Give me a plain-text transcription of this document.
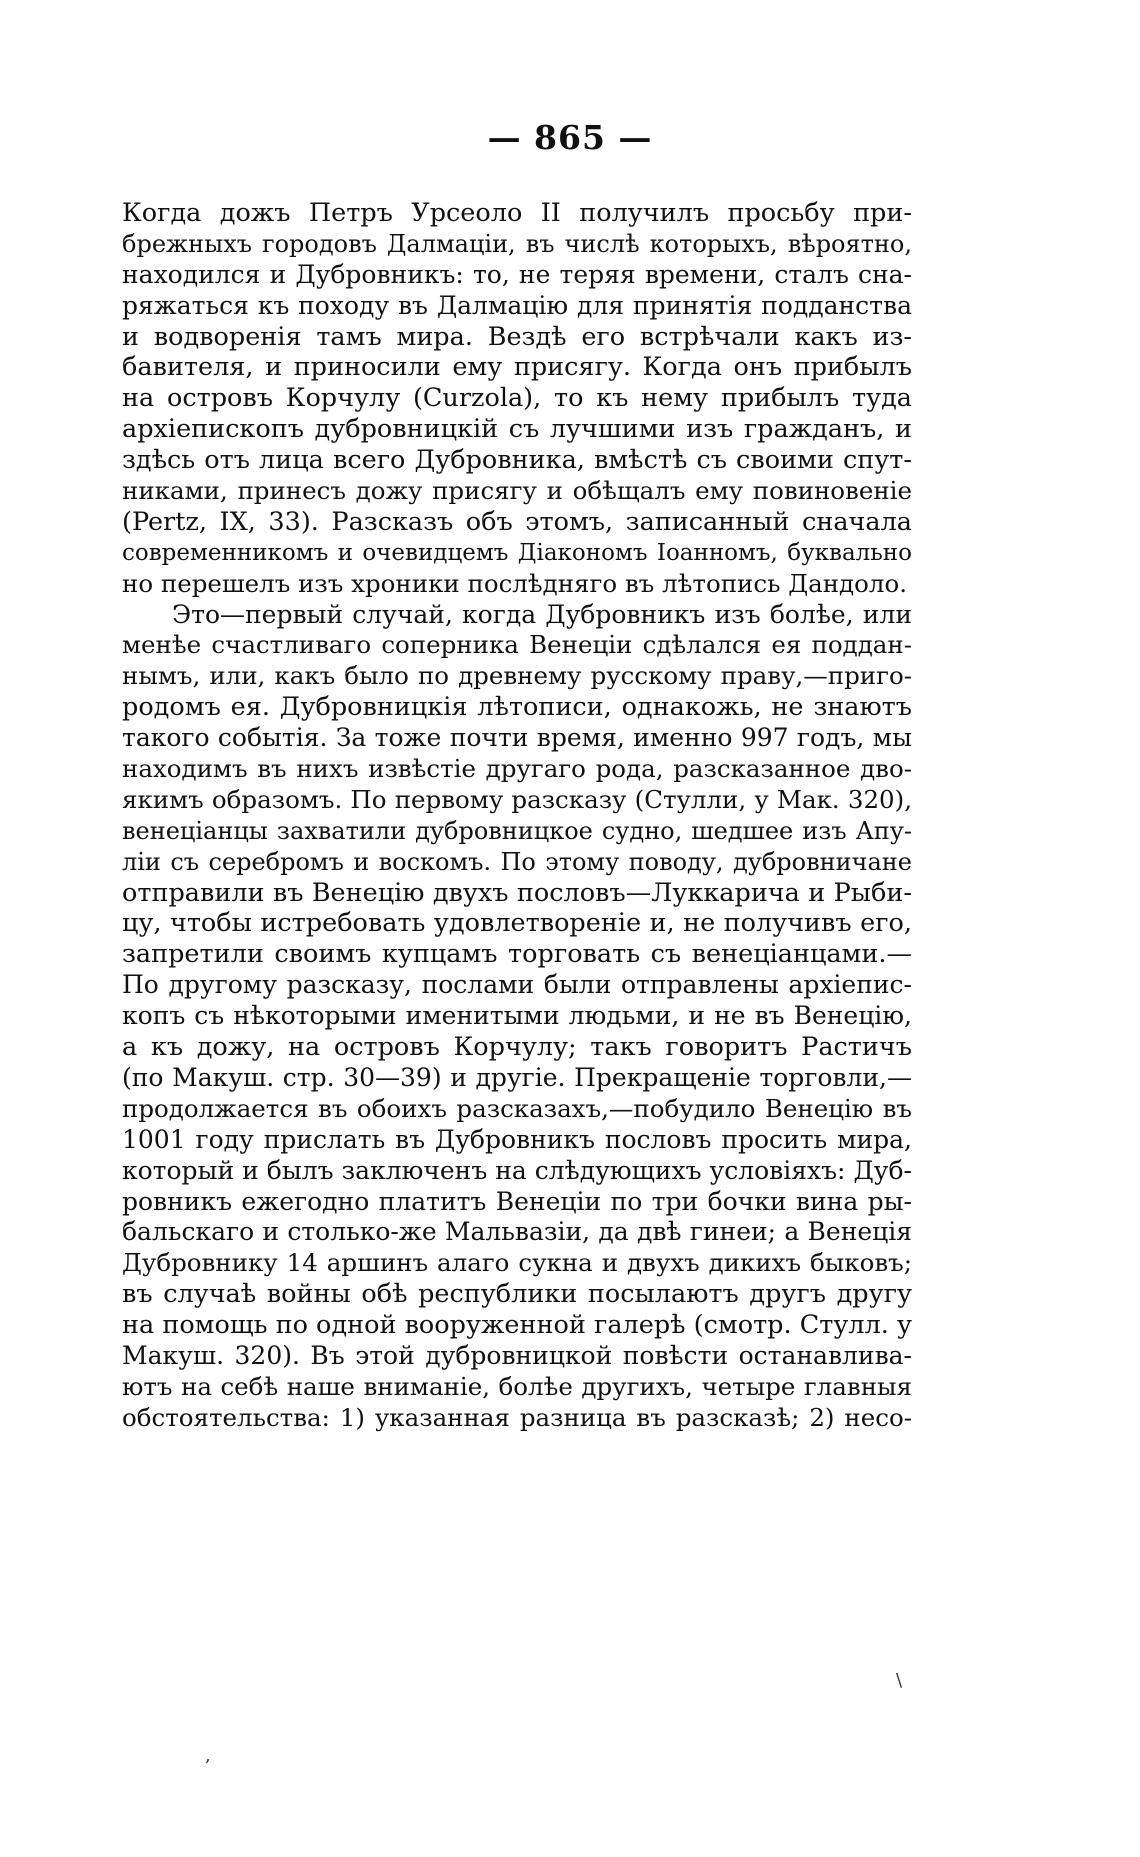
— 865 —
Когда дожъ Петръ Урсеоло II получилъ просьбу при-
брежныхъ городовъ Далмаціи, въ числѣ которыхъ, вѣроятно,
находился и Дубровникъ: то, не теряя времени, сталъ сна-
ряжаться къ походу въ Далмацію для принятія подданства
и водворенія тамъ мира. Вездѣ его встрѣчали какъ из-
бавителя, и приносили ему присягу. Когда онъ прибылъ
на островъ Корчулу (Curzola), то къ нему прибылъ туда
архіепископъ дубровницкій съ лучшими изъ гражданъ, и
здѣсь отъ лица всего Дубровника, вмѣстѣ съ своими спут-
никами, принесъ дожу присягу и обѣщалъ ему повиновеніе
(Pertz, IX, 33). Разсказъ объ этомъ, записанный сначала
современникомъ и очевидцемъ Діакономъ Іоанномъ, буквально
но перешелъ изъ хроники послѣдняго въ лѣтопись Дандоло.
Это—первый случай, когда Дубровникъ изъ болѣе, или
менѣе счастливаго соперника Венеціи сдѣлался ея поддан-
нымъ, или, какъ было по древнему русскому праву,—приго-
родомъ ея. Дубровницкія лѣтописи, однакожь, не знаютъ
такого событія. За тоже почти время, именно 997 годъ, мы
находимъ въ нихъ извѣстіе другаго рода, разсказанное дво-
якимъ образомъ. По первому разсказу (Стулли, у Мак. 320),
венеціанцы захватили дубровницкое судно, шедшее изъ Апу-
ліи съ серебромъ и воскомъ. По этому поводу, дубровничане
отправили въ Венецію двухъ пословъ—Луккарича и Рыби-
цу, чтобы истребовать удовлетвореніе и, не получивъ его,
запретили своимъ купцамъ торговать съ венеціанцами.—
По другому разсказу, послами были отправлены архіепис-
копъ съ нѣкоторыми именитыми людьми, и не въ Венецію,
а къ дожу, на островъ Корчулу; такъ говоритъ Растичъ
(по Макуш. стр. 30—39) и другіе. Прекращеніе торговли,—
продолжается въ обоихъ разсказахъ,—побудило Венецію въ
1001 году прислать въ Дубровникъ пословъ просить мира,
который и былъ заключенъ на слѣдующихъ условіяхъ: Дуб-
ровникъ ежегодно платитъ Венеціи по три бочки вина ры-
бальскаго и столько-же Мальвазіи, да двѣ гинеи; а Венеція
Дубровнику 14 аршинъ алаго сукна и двухъ дикихъ быковъ;
въ случаѣ войны обѣ республики посылаютъ другъ другу
на помощь по одной вооруженной галерѣ (смотр. Стулл. у
Макуш. 320). Въ этой дубровницкой повѣсти останавлива-
ютъ на себѣ наше вниманіе, болѣе другихъ, четыре главныя
обстоятельства: 1) указанная разница въ разсказѣ; 2) несо-
,
\
